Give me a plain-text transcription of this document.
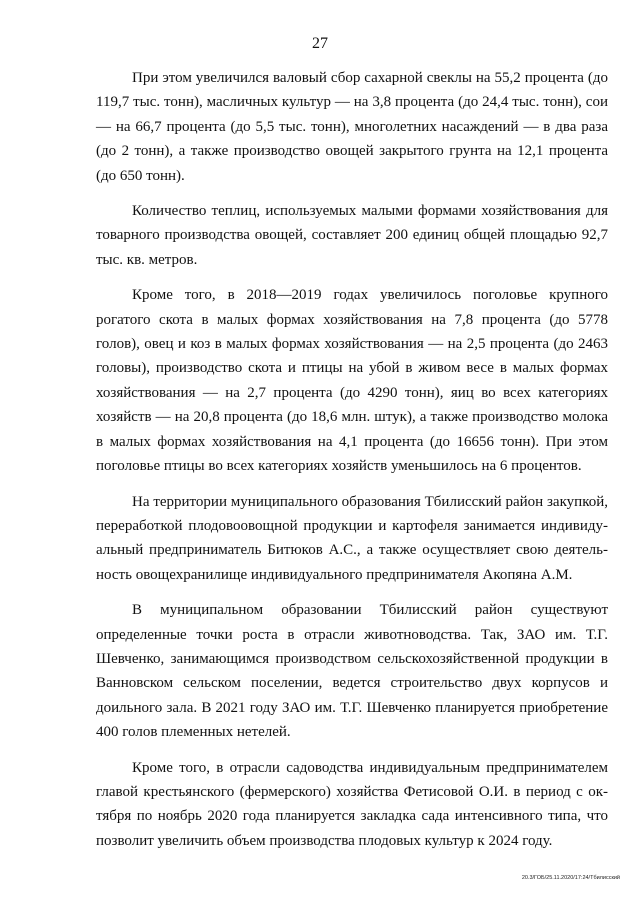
27

При этом увеличился валовый сбор сахарной свеклы на 55,2 процента (до 119,7 тыс. тонн), масличных культур — на 3,8 процента (до 24,4 тыс. тонн), сои — на 66,7 процента (до 5,5 тыс. тонн), многолетних насаждений — в два раза (до 2 тонн), а также производство овощей закрытого грунта на 12,1 процента (до 650 тонн).

Количество теплиц, используемых малыми формами хозяйствования для товарного производства овощей, составляет 200 единиц общей площадью 92,7 тыс. кв. метров.

Кроме того, в 2018—2019 годах увеличилось поголовье крупного рогатого скота в малых формах хозяйствования на 7,8 процента (до 5778 голов), овец и коз в малых формах хозяйствования — на 2,5 процента (до 2463 головы), производство скота и птицы на убой в живом весе в малых формах хозяйствования — на 2,7 процента (до 4290 тонн), яиц во всех категориях хозяйств — на 20,8 процента (до 18,6 млн. штук), а также производство молока в малых формах хозяйствования на 4,1 процента (до 16656 тонн). При этом поголовье птицы во всех категориях хозяйств уменьшилось на 6 процентов.

На территории муниципального образования Тбилисский район закупкой, переработкой плодовоовощной продукции и картофеля занимается индивидуальный предприниматель Битюков А.С., а также осуществляет свою деятельность овощехранилище индивидуального предпринимателя Акопяна А.М.

В муниципальном образовании Тбилисский район существуют определенные точки роста в отрасли животноводства. Так, ЗАО им. Т.Г. Шевченко, занимающимся производством сельскохозяйственной продукции в Ванновском сельском поселении, ведется строительство двух корпусов и доильного зала. В 2021 году ЗАО им. Т.Г. Шевченко планируется приобретение 400 голов племенных нетелей.

Кроме того, в отрасли садоводства индивидуальным предпринимателем главой крестьянского (фермерского) хозяйства Фетисовой О.И. в период с октября по ноябрь 2020 года планируется закладка сада интенсивного типа, что позволит увеличить объем производства плодовых культур к 2024 году.

20.3/ГОБ/25.11.2020/17:24/Тбилисский
